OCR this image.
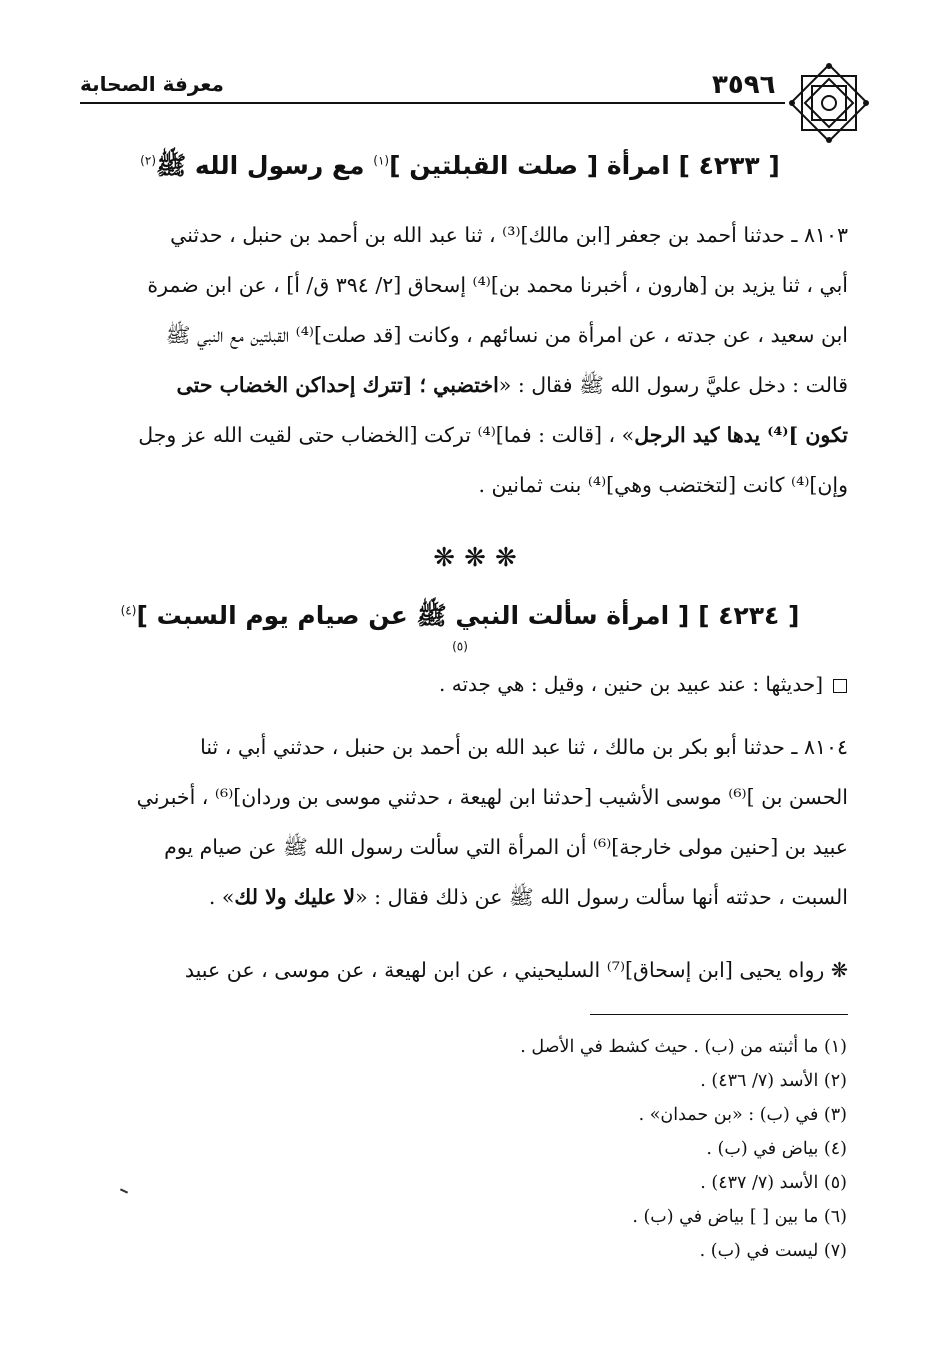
معرفة الصحابة	٣٥٩٦
[ ٤٢٣٣ ] امرأة [ صلت القبلتين ]$^{(١)}$ مع رسول الله ﷺ$^{(٢)}$
٨١٠٣ ـ حدثنا أحمد بن جعفر [ابن مالك]⁽³⁾ ، ثنا عبد الله بن أحمد بن حنبل ، حدثني
أبي ، ثنا يزيد بن [هارون ، أخبرنا محمد بن]⁽⁴⁾ إسحاق [٢/ ٣٩٤ ق/ أ] ، عن ابن ضمرة
ابن سعيد ، عن جدته ، عن امرأة من نسائهم ، وكانت [قد صلت]⁽⁴⁾ القبلتين مع النبي ﷺ
قالت : دخل عليَّ رسول الله ﷺ فقال : «اختضبي ؛ [تترك إحداكن الخضاب حتى
تكون ]⁽⁴⁾ يدها كيد الرجل» ، [قالت : فما]⁽⁴⁾ تركت [الخضاب حتى لقيت الله عز وجل
وإن]⁽⁴⁾ كانت [لتختضب وهي]⁽⁴⁾ بنت ثمانين .
❋ ❋ ❋
[ ٤٢٣٤ ] [ امرأة سألت النبي ﷺ عن صيام يوم السبت ]$^{(٤)(٥)}$
[حديثها : عند عبيد بن حنين ، وقيل : هي جدته .
٨١٠٤ ـ حدثنا أبو بكر بن مالك ، ثنا عبد الله بن أحمد بن حنبل ، حدثني أبي ، ثنا
الحسن بن ]⁽⁶⁾ موسى الأشيب [حدثنا ابن لهيعة ، حدثني موسى بن وردان]⁽⁶⁾ ، أخبرني
عبيد بن [حنين مولى خارجة]⁽⁶⁾ أن المرأة التي سألت رسول الله ﷺ عن صيام يوم
السبت ، حدثته أنها سألت رسول الله ﷺ عن ذلك فقال : «لا عليك ولا لك» .
❋ رواه يحيى [ابن إسحاق]⁽⁷⁾ السليحيني ، عن ابن لهيعة ، عن موسى ، عن عبيد
(١) ما أثبته من (ب) . حيث كشط في الأصل .
(٢) الأسد (٧/ ٤٣٦) .
(٣) في (ب) : «بن حمدان» .
(٤) بياض في (ب) .
(٥) الأسد (٧/ ٤٣٧) .
(٦) ما بين [ ] بياض في (ب) .
(٧) ليست في (ب) .
